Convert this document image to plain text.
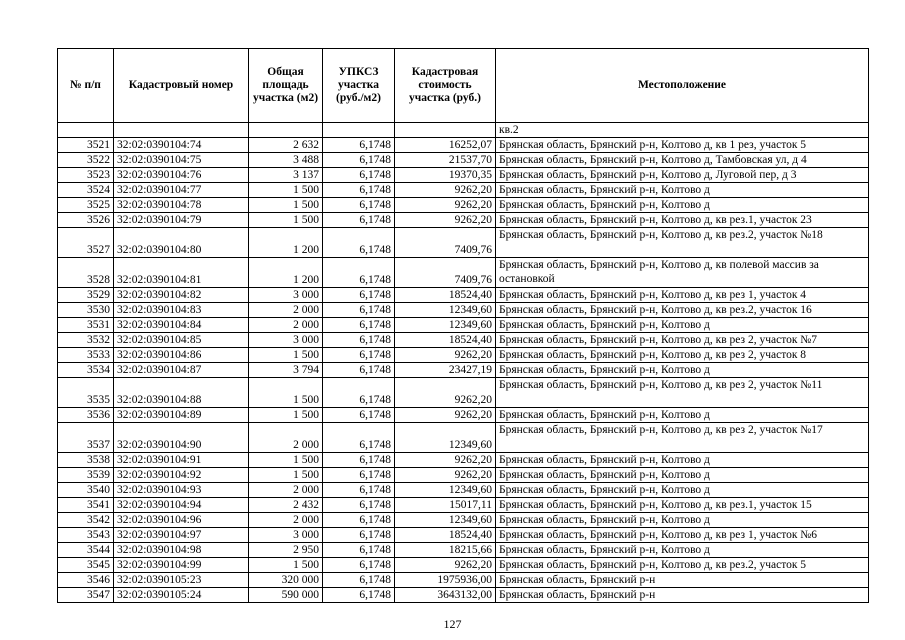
№ п/п	Кадастровый номер	Общая площадь участка (м2)	УПКСЗ участка (руб./м2)	Кадастровая стоимость участка (руб.)	Местоположение
					кв.2
3521	32:02:0390104:74	2 632	6,1748	16252,07	Брянская область, Брянский р-н, Колтово д, кв 1 рез, участок 5
3522	32:02:0390104:75	3 488	6,1748	21537,70	Брянская область, Брянский р-н, Колтово д, Тамбовская ул, д 4
3523	32:02:0390104:76	3 137	6,1748	19370,35	Брянская область, Брянский р-н, Колтово д, Луговой пер, д 3
3524	32:02:0390104:77	1 500	6,1748	9262,20	Брянская область, Брянский р-н, Колтово д
3525	32:02:0390104:78	1 500	6,1748	9262,20	Брянская область, Брянский р-н, Колтово д
3526	32:02:0390104:79	1 500	6,1748	9262,20	Брянская область, Брянский р-н, Колтово д, кв рез.1, участок 23
3527	32:02:0390104:80	1 200	6,1748	7409,76	Брянская область, Брянский р-н, Колтово д, кв рез.2, участок №18
3528	32:02:0390104:81	1 200	6,1748	7409,76	Брянская область, Брянский р-н, Колтово д, кв полевой массив за остановкой
3529	32:02:0390104:82	3 000	6,1748	18524,40	Брянская область, Брянский р-н, Колтово д, кв рез 1, участок 4
3530	32:02:0390104:83	2 000	6,1748	12349,60	Брянская область, Брянский р-н, Колтово д, кв рез.2, участок 16
3531	32:02:0390104:84	2 000	6,1748	12349,60	Брянская область, Брянский р-н, Колтово д
3532	32:02:0390104:85	3 000	6,1748	18524,40	Брянская область, Брянский р-н, Колтово д, кв рез 2, участок №7
3533	32:02:0390104:86	1 500	6,1748	9262,20	Брянская область, Брянский р-н, Колтово д, кв рез 2, участок 8
3534	32:02:0390104:87	3 794	6,1748	23427,19	Брянская область, Брянский р-н, Колтово д
3535	32:02:0390104:88	1 500	6,1748	9262,20	Брянская область, Брянский р-н, Колтово д, кв рез 2, участок №11
3536	32:02:0390104:89	1 500	6,1748	9262,20	Брянская область, Брянский р-н, Колтово д
3537	32:02:0390104:90	2 000	6,1748	12349,60	Брянская область, Брянский р-н, Колтово д, кв рез 2, участок №17
3538	32:02:0390104:91	1 500	6,1748	9262,20	Брянская область, Брянский р-н, Колтово д
3539	32:02:0390104:92	1 500	6,1748	9262,20	Брянская область, Брянский р-н, Колтово д
3540	32:02:0390104:93	2 000	6,1748	12349,60	Брянская область, Брянский р-н, Колтово д
3541	32:02:0390104:94	2 432	6,1748	15017,11	Брянская область, Брянский р-н, Колтово д, кв рез.1, участок 15
3542	32:02:0390104:96	2 000	6,1748	12349,60	Брянская область, Брянский р-н, Колтово д
3543	32:02:0390104:97	3 000	6,1748	18524,40	Брянская область, Брянский р-н, Колтово д, кв рез 1, участок №6
3544	32:02:0390104:98	2 950	6,1748	18215,66	Брянская область, Брянский р-н, Колтово д
3545	32:02:0390104:99	1 500	6,1748	9262,20	Брянская область, Брянский р-н, Колтово д, кв рез.2, участок 5
3546	32:02:0390105:23	320 000	6,1748	1975936,00	Брянская область, Брянский р-н
3547	32:02:0390105:24	590 000	6,1748	3643132,00	Брянская область, Брянский р-н
127
